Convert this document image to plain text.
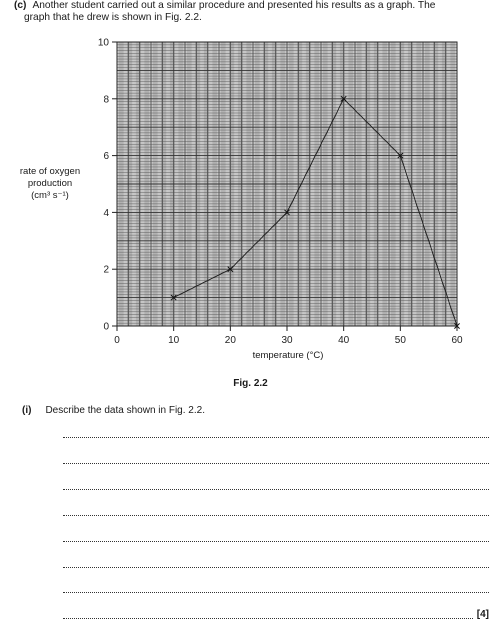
(c) Another student carried out a similar procedure and presented his results as a graph. The
graph that he drew is shown in Fig. 2.2.
0
2
4
6
8
10
0	10	20	30	40	50	60
rate of oxygen
production
(cm³ s⁻¹)
temperature (°C)
Fig. 2.2
(i) Describe the data shown in Fig. 2.2.
[4]
